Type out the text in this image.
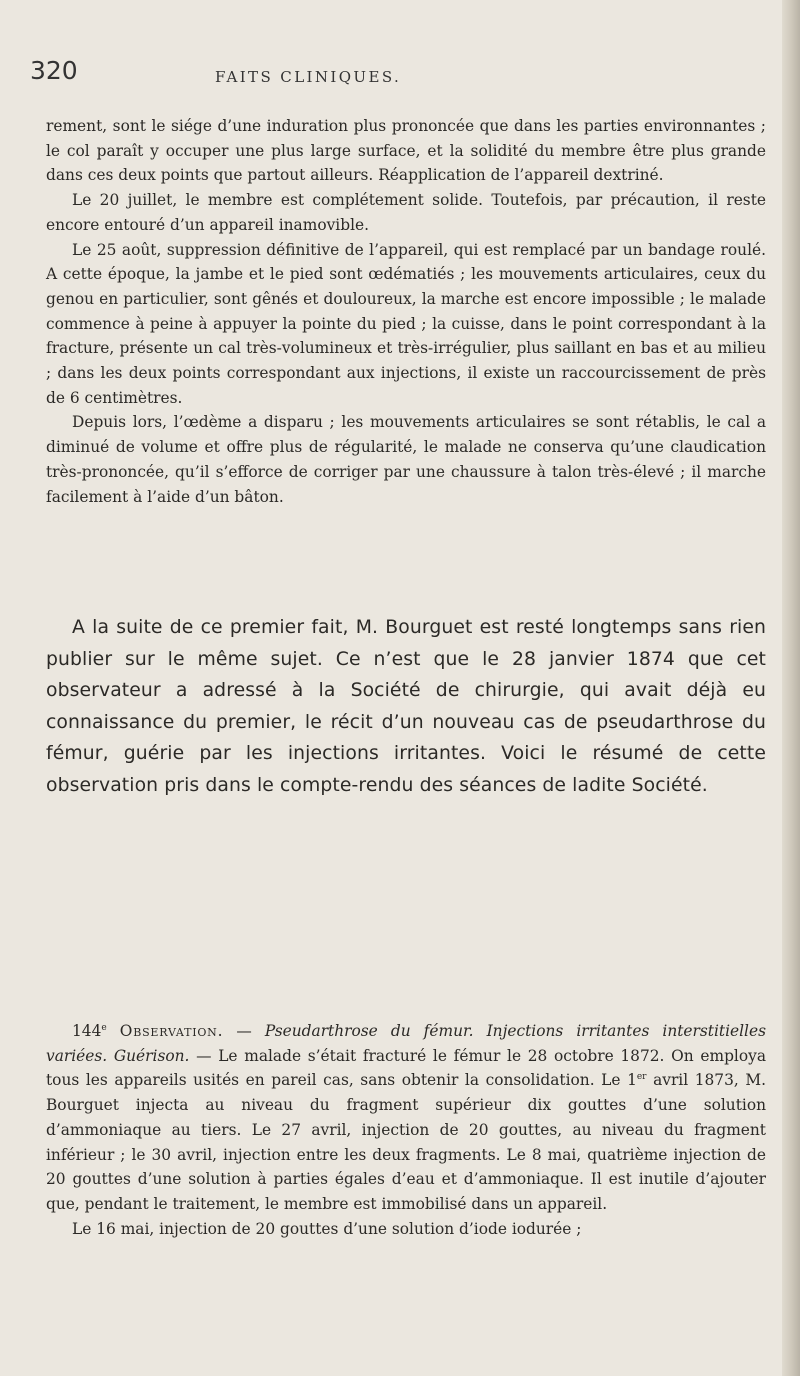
320	FAITS CLINIQUES.

rement, sont le siége d’une induration plus prononcée que dans les parties environnantes ; le col paraît y occuper une plus large surface, et la solidité du membre être plus grande dans ces deux points que partout ailleurs. Réapplication de l’appareil dextriné.

Le 20 juillet, le membre est complétement solide. Toutefois, par précaution, il reste encore entouré d’un appareil inamovible.

Le 25 août, suppression définitive de l’appareil, qui est remplacé par un bandage roulé. A cette époque, la jambe et le pied sont œdématiés ; les mouvements articulaires, ceux du genou en particulier, sont gênés et douloureux, la marche est encore impossible ; le malade commence à peine à appuyer la pointe du pied ; la cuisse, dans le point correspondant à la fracture, présente un cal très-volumineux et très-irrégulier, plus saillant en bas et au milieu ; dans les deux points correspondant aux injections, il existe un raccourcissement de près de 6 centimètres.

Depuis lors, l’œdème a disparu ; les mouvements articulaires se sont rétablis, le cal a diminué de volume et offre plus de régularité, le malade ne conserva qu’une claudication très-prononcée, qu’il s’efforce de corriger par une chaussure à talon très-élevé ; il marche facilement à l’aide d’un bâton.

A la suite de ce premier fait, M. Bourguet est resté longtemps sans rien publier sur le même sujet. Ce n’est que le 28 janvier 1874 que cet observateur a adressé à la Société de chirurgie, qui avait déjà eu connaissance du premier, le récit d’un nouveau cas de pseudarthrose du fémur, guérie par les injections irritantes. Voici le résumé de cette observation pris dans le compte-rendu des séances de ladite Société.

144e Observation. — Pseudarthrose du fémur. Injections irritantes interstitielles variées. Guérison. — Le malade s’était fracturé le fémur le 28 octobre 1872. On employa tous les appareils usités en pareil cas, sans obtenir la consolidation. Le 1er avril 1873, M. Bourguet injecta au niveau du fragment supérieur dix gouttes d’une solution d’ammoniaque au tiers. Le 27 avril, injection de 20 gouttes, au niveau du fragment inférieur ; le 30 avril, injection entre les deux fragments. Le 8 mai, quatrième injection de 20 gouttes d’une solution à parties égales d’eau et d’ammoniaque. Il est inutile d’ajouter que, pendant le traitement, le membre est immobilisé dans un appareil.

Le 16 mai, injection de 20 gouttes d’une solution d’iode iodurée ;
